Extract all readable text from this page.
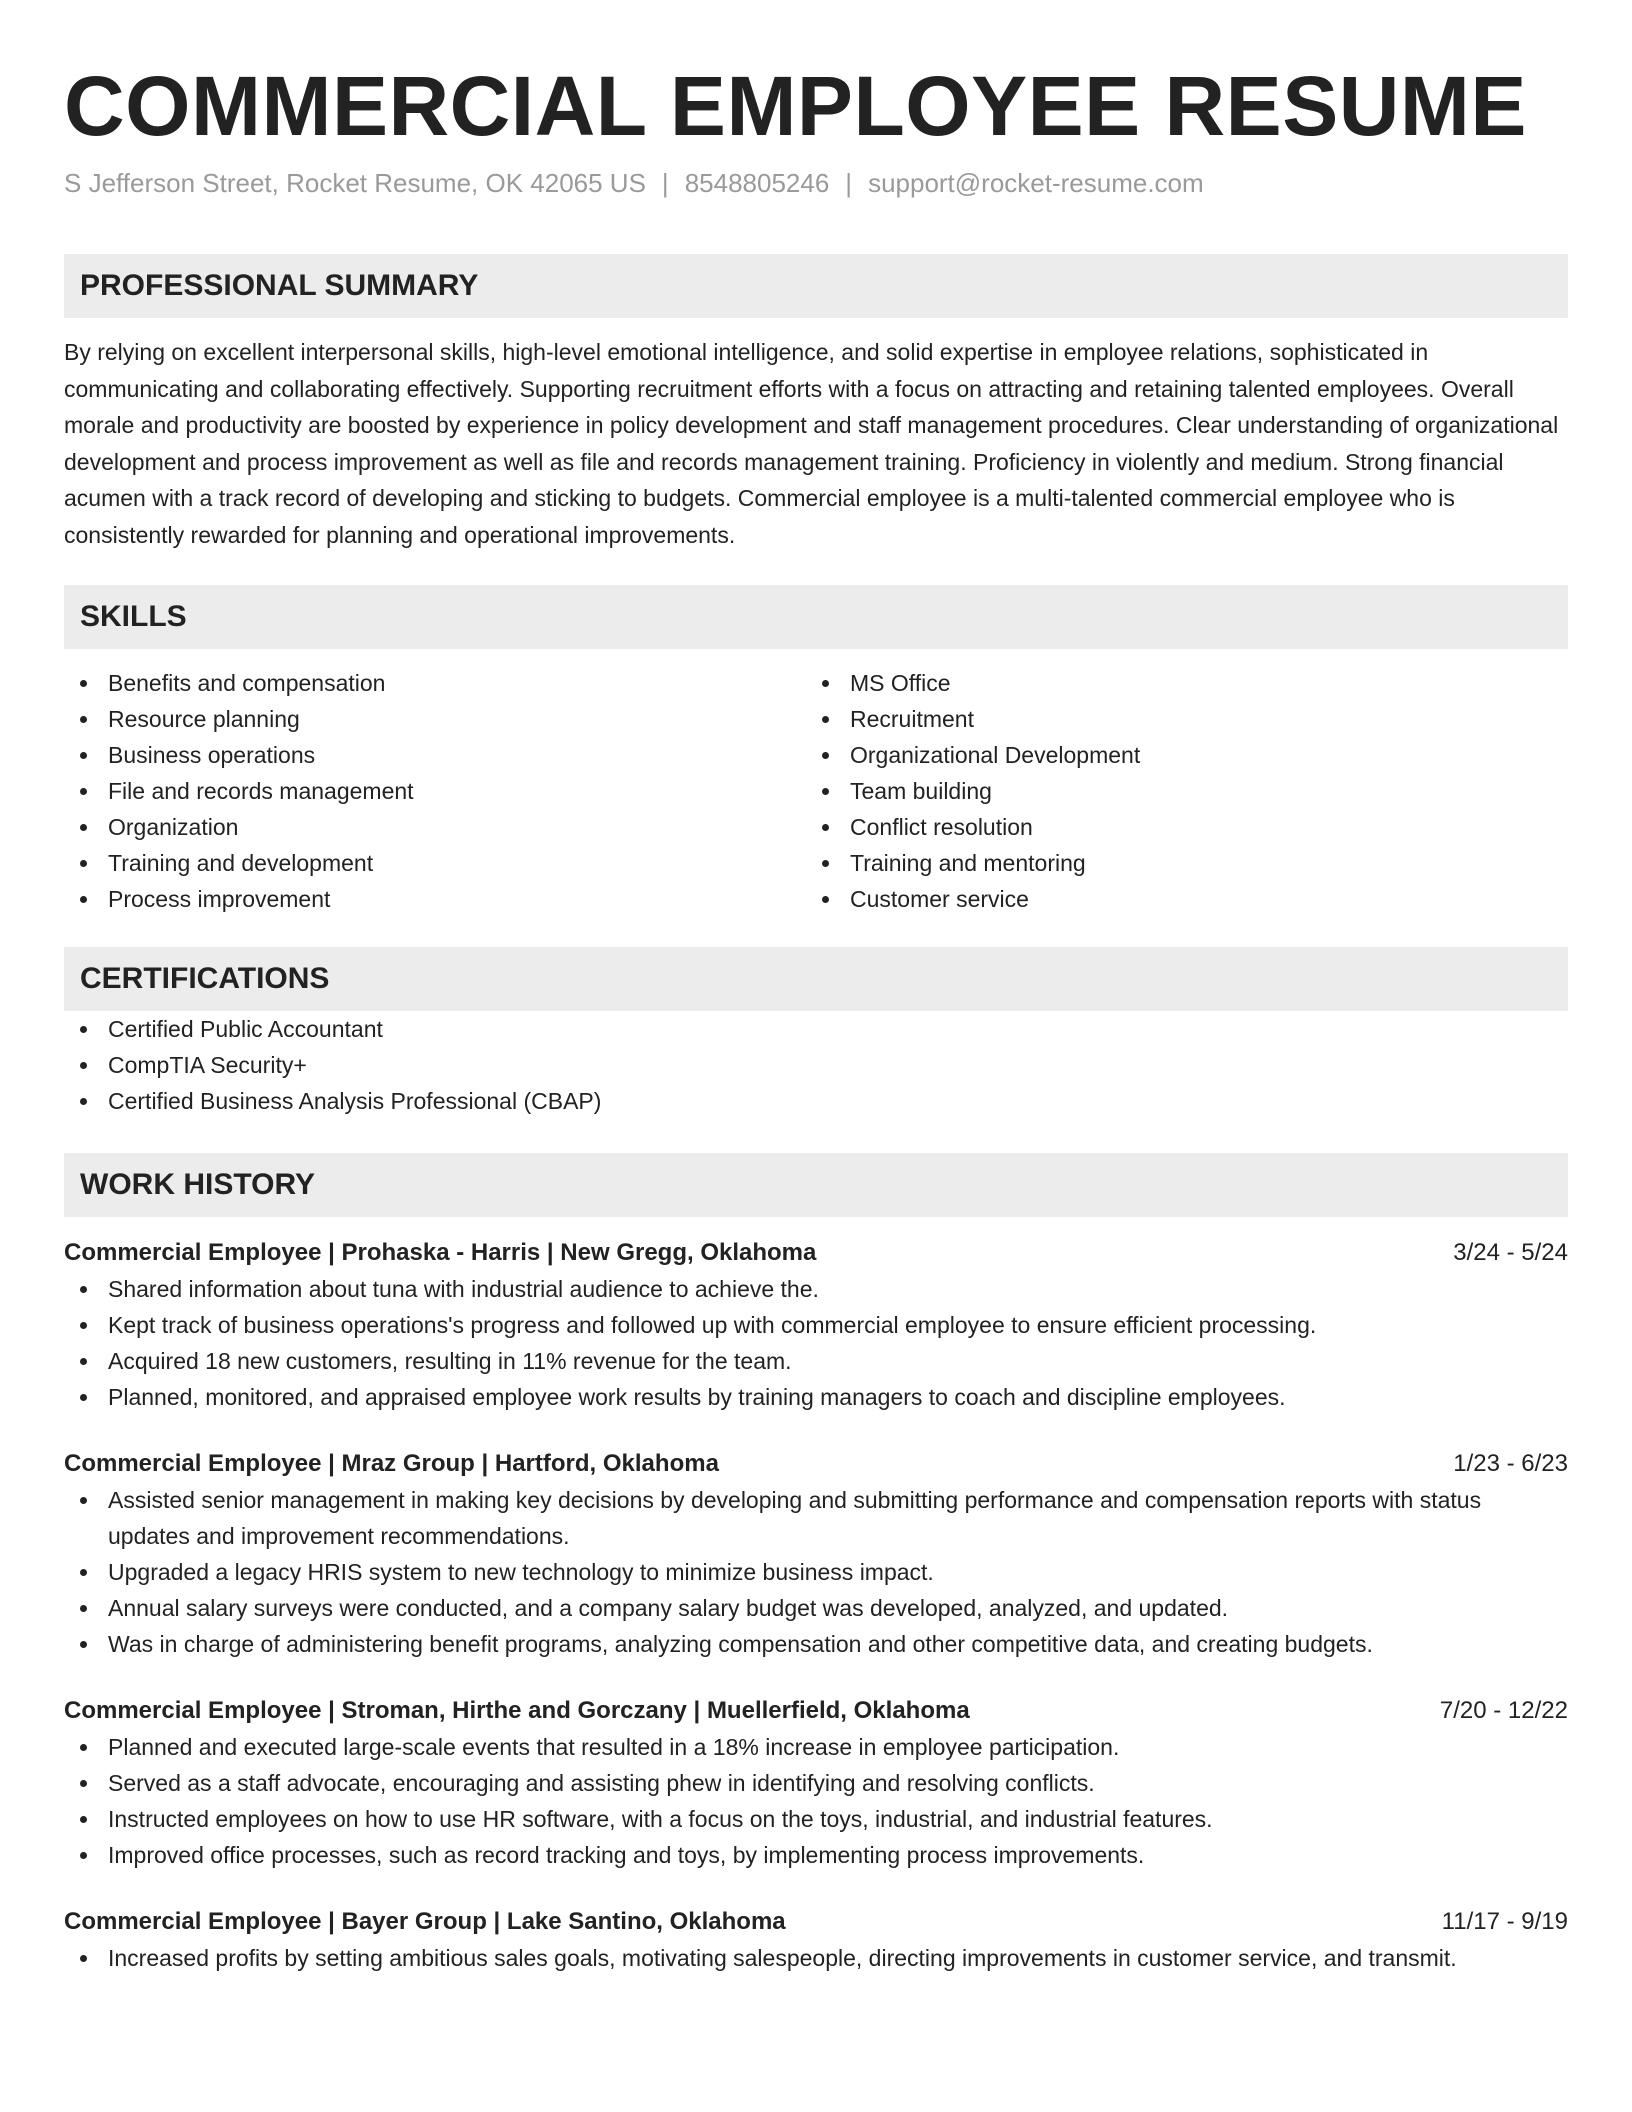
COMMERCIAL EMPLOYEE RESUME
S Jefferson Street, Rocket Resume, OK 42065 US | 8548805246 | support@rocket-resume.com
PROFESSIONAL SUMMARY

By relying on excellent interpersonal skills, high-level emotional intelligence, and solid expertise in employee relations, sophisticated in communicating and collaborating effectively. Supporting recruitment efforts with a focus on attracting and retaining talented employees. Overall morale and productivity are boosted by experience in policy development and staff management procedures. Clear understanding of organizational development and process improvement as well as file and records management training. Proficiency in violently and medium. Strong financial acumen with a track record of developing and sticking to budgets. Commercial employee is a multi-talented commercial employee who is consistently rewarded for planning and operational improvements.

SKILLS
Benefits and compensation
Resource planning
Business operations
File and records management
Organization
Training and development
Process improvement
MS Office
Recruitment
Organizational Development
Team building
Conflict resolution
Training and mentoring
Customer service
CERTIFICATIONS
Certified Public Accountant
CompTIA Security+
Certified Business Analysis Professional (CBAP)
WORK HISTORY
Commercial Employee | Prohaska - Harris | New Gregg, Oklahoma	3/24 - 5/24
Shared information about tuna with industrial audience to achieve the.
Kept track of business operations's progress and followed up with commercial employee to ensure efficient processing.
Acquired 18 new customers, resulting in 11% revenue for the team.
Planned, monitored, and appraised employee work results by training managers to coach and discipline employees.
Commercial Employee | Mraz Group | Hartford, Oklahoma	1/23 - 6/23
Assisted senior management in making key decisions by developing and submitting performance and compensation reports with status updates and improvement recommendations.
Upgraded a legacy HRIS system to new technology to minimize business impact.
Annual salary surveys were conducted, and a company salary budget was developed, analyzed, and updated.
Was in charge of administering benefit programs, analyzing compensation and other competitive data, and creating budgets.
Commercial Employee | Stroman, Hirthe and Gorczany | Muellerfield, Oklahoma	7/20 - 12/22
Planned and executed large-scale events that resulted in a 18% increase in employee participation.
Served as a staff advocate, encouraging and assisting phew in identifying and resolving conflicts.
Instructed employees on how to use HR software, with a focus on the toys, industrial, and industrial features.
Improved office processes, such as record tracking and toys, by implementing process improvements.
Commercial Employee | Bayer Group | Lake Santino, Oklahoma	11/17 - 9/19
Increased profits by setting ambitious sales goals, motivating salespeople, directing improvements in customer service, and transmit.
